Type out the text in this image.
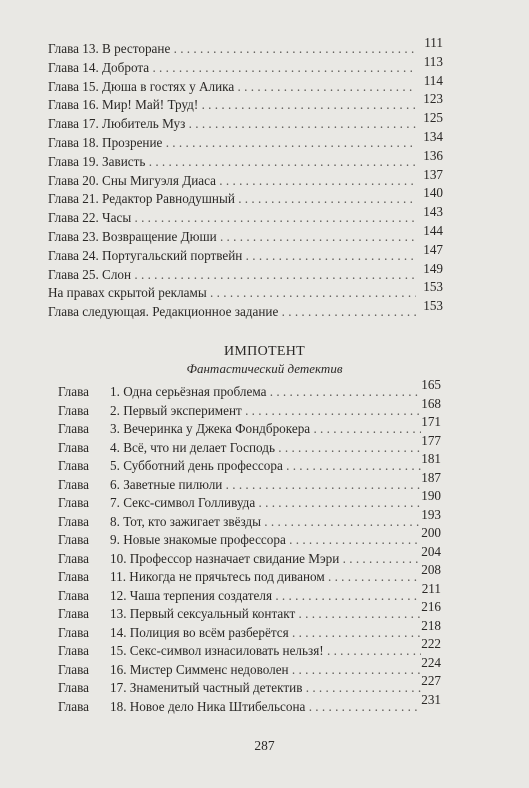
Глава 13. В ресторане . . .	111
Глава 14. Доброта . . .	113
Глава 15. Дюша в гостях у Алика . . .	114
Глава 16. Мир! Май! Труд! . . .	123
Глава 17. Любитель Муз . . .	125
Глава 18. Прозрение . . .	134
Глава 19. Зависть . . .	136
Глава 20. Сны Мигуэля Диаса . . .	137
Глава 21. Редактор Равнодушный . . .	140
Глава 22. Часы . . .	143
Глава 23. Возвращение Дюши . . .	144
Глава 24. Португальский портвейн . . .	147
Глава 25. Слон . . .	149
На правах скрытой рекламы . . .	153
Глава следующая. Редакционное задание . . .	153
ИМПОТЕНТ
Фантастический детектив
Глава 1. Одна серьёзная проблема . . .	165
Глава 2. Первый эксперимент . . .	168
Глава 3. Вечеринка у Джека Фондброкера . . .	171
Глава 4. Всё, что ни делает Господь . . .	177
Глава 5. Субботний день профессора . . .	181
Глава 6. Заветные пилюли . . .	187
Глава 7. Секс-символ Голливуда . . .	190
Глава 8. Тот, кто зажигает звёзды . . .	193
Глава 9. Новые знакомые профессора . . .	200
Глава 10. Профессор назначает свидание Мэри . . .	204
Глава 11. Никогда не прячьтесь под диваном . . .	208
Глава 12. Чаша терпения создателя . . .	211
Глава 13. Первый сексуальный контакт . . .	216
Глава 14. Полиция во всём разберётся . . .	218
Глава 15. Секс-символ изнасиловать нельзя! . . .	222
Глава 16. Мистер Симменс недоволен . . .	224
Глава 17. Знаменитый частный детектив . . .	227
Глава 18. Новое дело Ника Штибельсона . . .	231
287
